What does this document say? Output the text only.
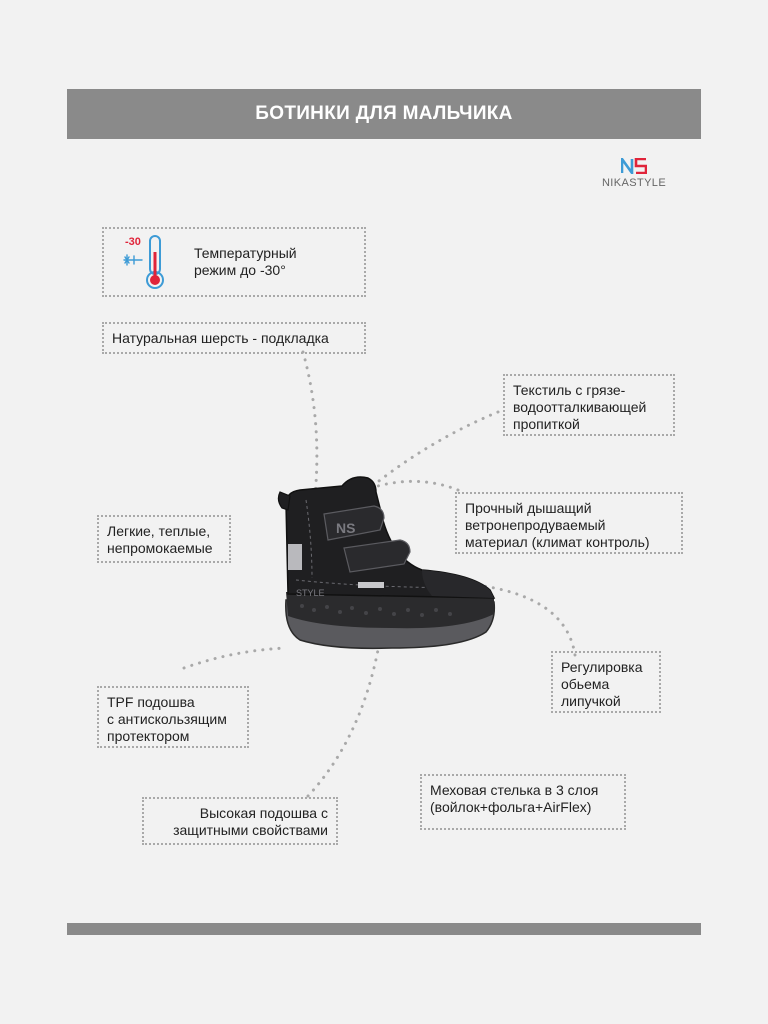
БОТИНКИ ДЛЯ МАЛЬЧИКА
NIKASTYLE
-30
Температурный
режим до -30°
Натуральная шерсть - подкладка
Текстиль с грязе-
водоотталкивающей
пропиткой
Прочный дышащий
ветронепродуваемый
материал (климат контроль)
Легкие, теплые,
непромокаемые
Регулировка
обьема
липучкой
TPF подошва
с антискользящим
протектором
Высокая подошва с
защитными свойствами
Меховая стелька в 3 слоя
(войлок+фольга+AirFlex)
NS
STYLE
